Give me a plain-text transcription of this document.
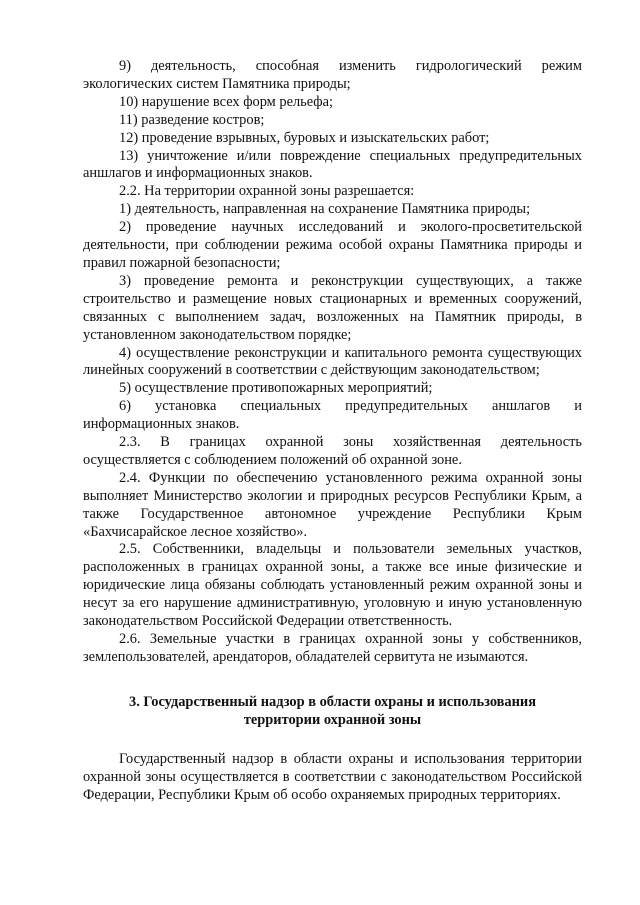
9) деятельность, способная изменить гидрологический режим экологических систем Памятника природы;

10) нарушение всех форм рельефа;

11) разведение костров;

12) проведение взрывных, буровых и изыскательских работ;

13) уничтожение и/или повреждение специальных предупредительных аншлагов и информационных знаков.

2.2. На территории охранной зоны разрешается:

1) деятельность, направленная на сохранение Памятника природы;

2) проведение научных исследований и эколого-просветительской деятельности, при соблюдении режима особой охраны Памятника природы и правил пожарной безопасности;

3) проведение ремонта и реконструкции существующих, а также строительство и размещение новых стационарных и временных сооружений, связанных с выполнением задач, возложенных на Памятник природы, в установленном законодательством порядке;

4) осуществление реконструкции и капитального ремонта существующих линейных сооружений в соответствии с действующим законодательством;

5) осуществление противопожарных мероприятий;

6) установка специальных предупредительных аншлагов и информационных знаков.

2.3. В границах охранной зоны хозяйственная деятельность осуществляется с соблюдением положений об охранной зоне.

2.4. Функции по обеспечению установленного режима охранной зоны выполняет Министерство экологии и природных ресурсов Республики Крым, а также Государственное автономное учреждение Республики Крым «Бахчисарайское лесное хозяйство».

2.5. Собственники, владельцы и пользователи земельных участков, расположенных в границах охранной зоны, а также все иные физические и юридические лица обязаны соблюдать установленный режим охранной зоны и несут за его нарушение административную, уголовную и иную установленную законодательством Российской Федерации ответственность.

2.6. Земельные участки в границах охранной зоны у собственников, землепользователей, арендаторов, обладателей сервитута не изымаются.

3. Государственный надзор в области охраны и использования
территории охранной зоны

Государственный надзор в области охраны и использования территории охранной зоны осуществляется в соответствии с законодательством Российской Федерации, Республики Крым об особо охраняемых природных территориях.
